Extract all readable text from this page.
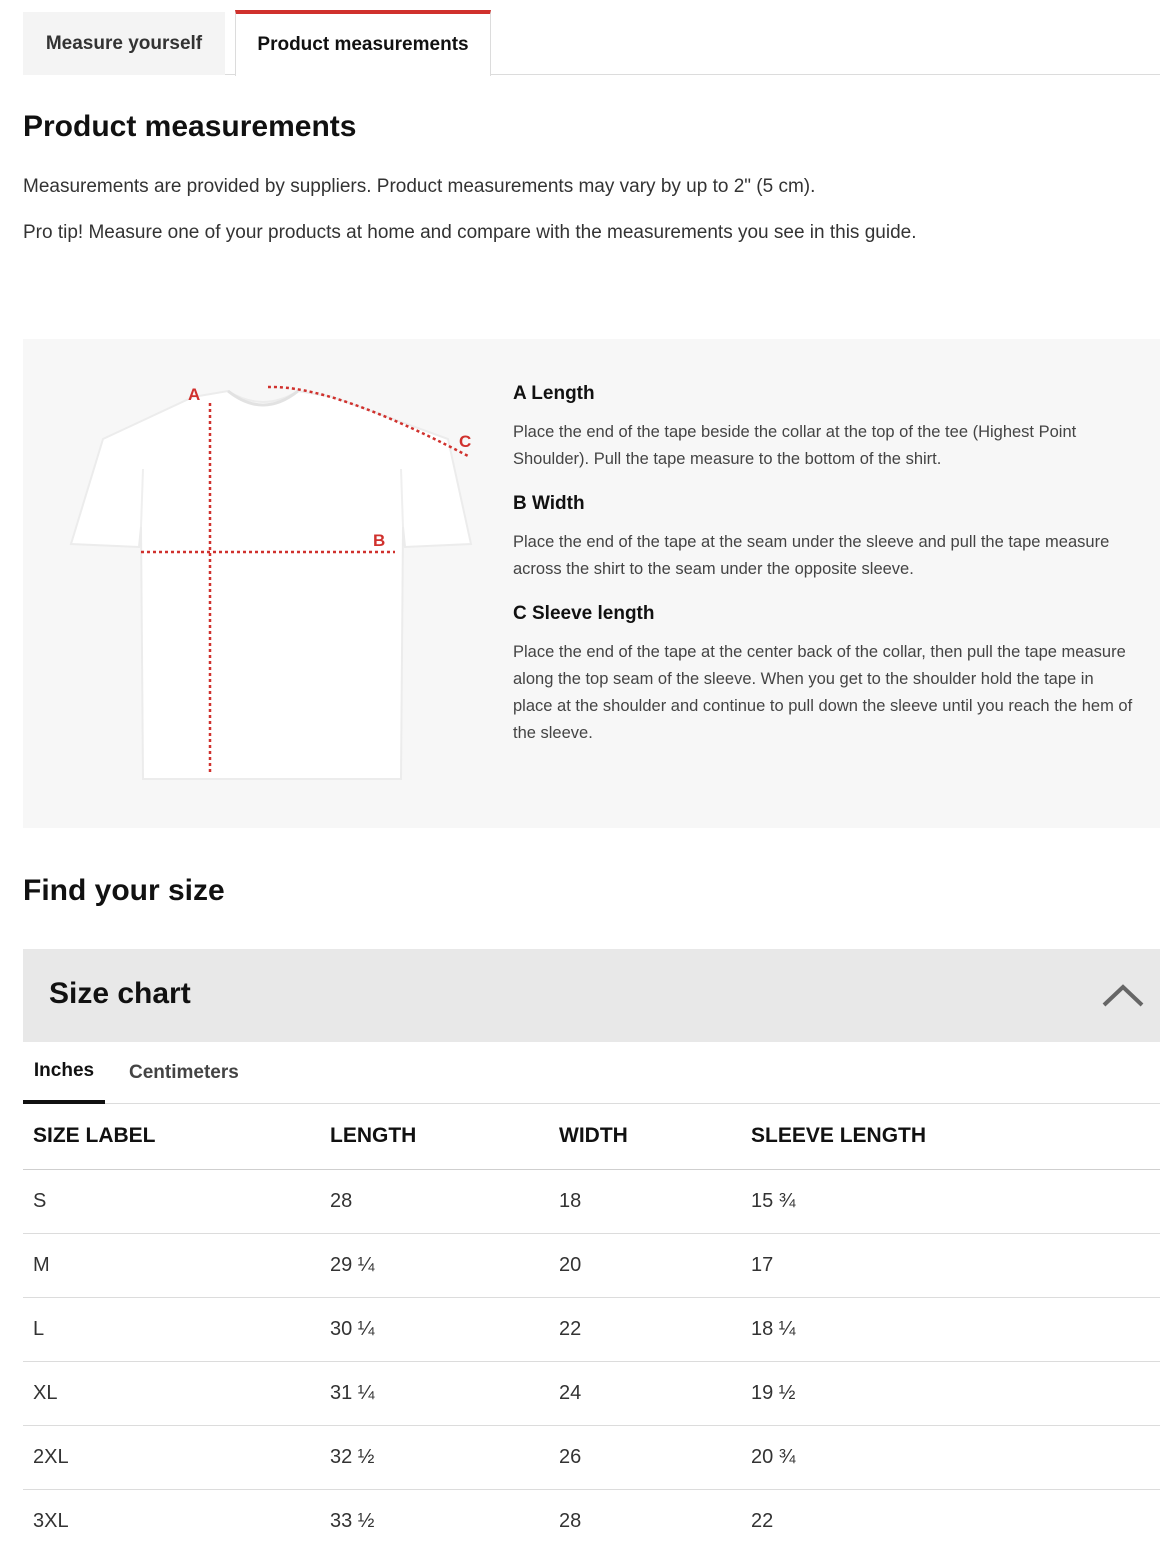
Measure yourself	Product measurements
Product measurements

Measurements are provided by suppliers. Product measurements may vary by up to 2" (5 cm).

Pro tip! Measure one of your products at home and compare with the measurements you see in this guide.

A
B
C
A Length

Place the end of the tape beside the collar at the top of the tee (Highest Point Shoulder). Pull the tape measure to the bottom of the shirt.

B Width

Place the end of the tape at the seam under the sleeve and pull the tape measure across the shirt to the seam under the opposite sleeve.

C Sleeve length

Place the end of the tape at the center back of the collar, then pull the tape measure along the top seam of the sleeve. When you get to the shoulder hold the tape in place at the shoulder and continue to pull down the sleeve until you reach the hem of the sleeve.

Find your size
Size chart
Inches	Centimeters
SIZE LABEL	LENGTH	WIDTH	SLEEVE LENGTH
S	28	18	15 ¾
M	29 ¼	20	17
L	30 ¼	22	18 ¼
XL	31 ¼	24	19 ½
2XL	32 ½	26	20 ¾
3XL	33 ½	28	22
